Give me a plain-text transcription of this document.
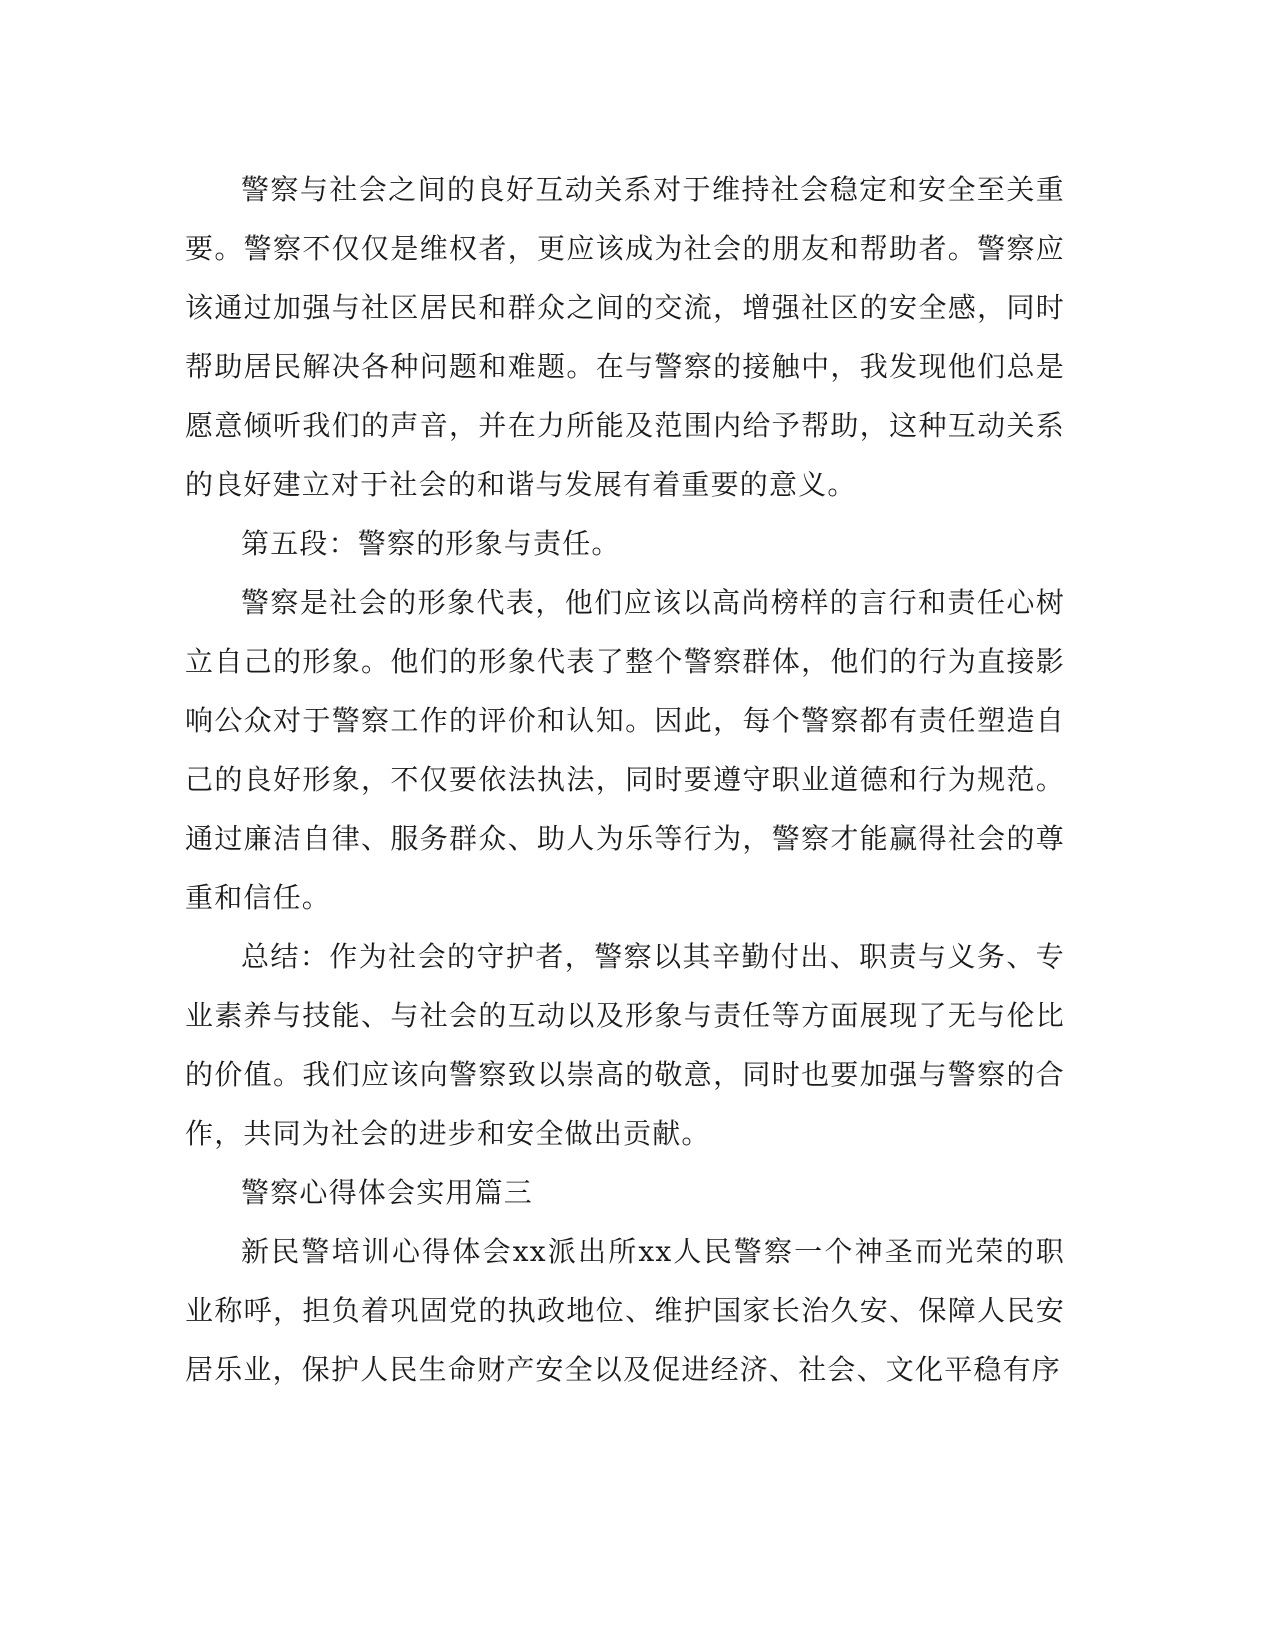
警察与社会之间的良好互动关系对于维持社会稳定和安全至关重要。警察不仅仅是维权者，更应该成为社会的朋友和帮助者。警察应该通过加强与社区居民和群众之间的交流，增强社区的安全感，同时帮助居民解决各种问题和难题。在与警察的接触中，我发现他们总是愿意倾听我们的声音，并在力所能及范围内给予帮助，这种互动关系的良好建立对于社会的和谐与发展有着重要的意义。

第五段：警察的形象与责任。

警察是社会的形象代表，他们应该以高尚榜样的言行和责任心树立自己的形象。他们的形象代表了整个警察群体，他们的行为直接影响公众对于警察工作的评价和认知。因此，每个警察都有责任塑造自己的良好形象，不仅要依法执法，同时要遵守职业道德和行为规范。通过廉洁自律、服务群众、助人为乐等行为，警察才能赢得社会的尊重和信任。

总结：作为社会的守护者，警察以其辛勤付出、职责与义务、专业素养与技能、与社会的互动以及形象与责任等方面展现了无与伦比的价值。我们应该向警察致以崇高的敬意，同时也要加强与警察的合作，共同为社会的进步和安全做出贡献。

警察心得体会实用篇三

新民警培训心得体会xx派出所xx人民警察一个神圣而光荣的职业称呼，担负着巩固党的执政地位、维护国家长治久安、保障人民安居乐业，保护人民生命财产安全以及促进经济、社会、文化平稳有序
